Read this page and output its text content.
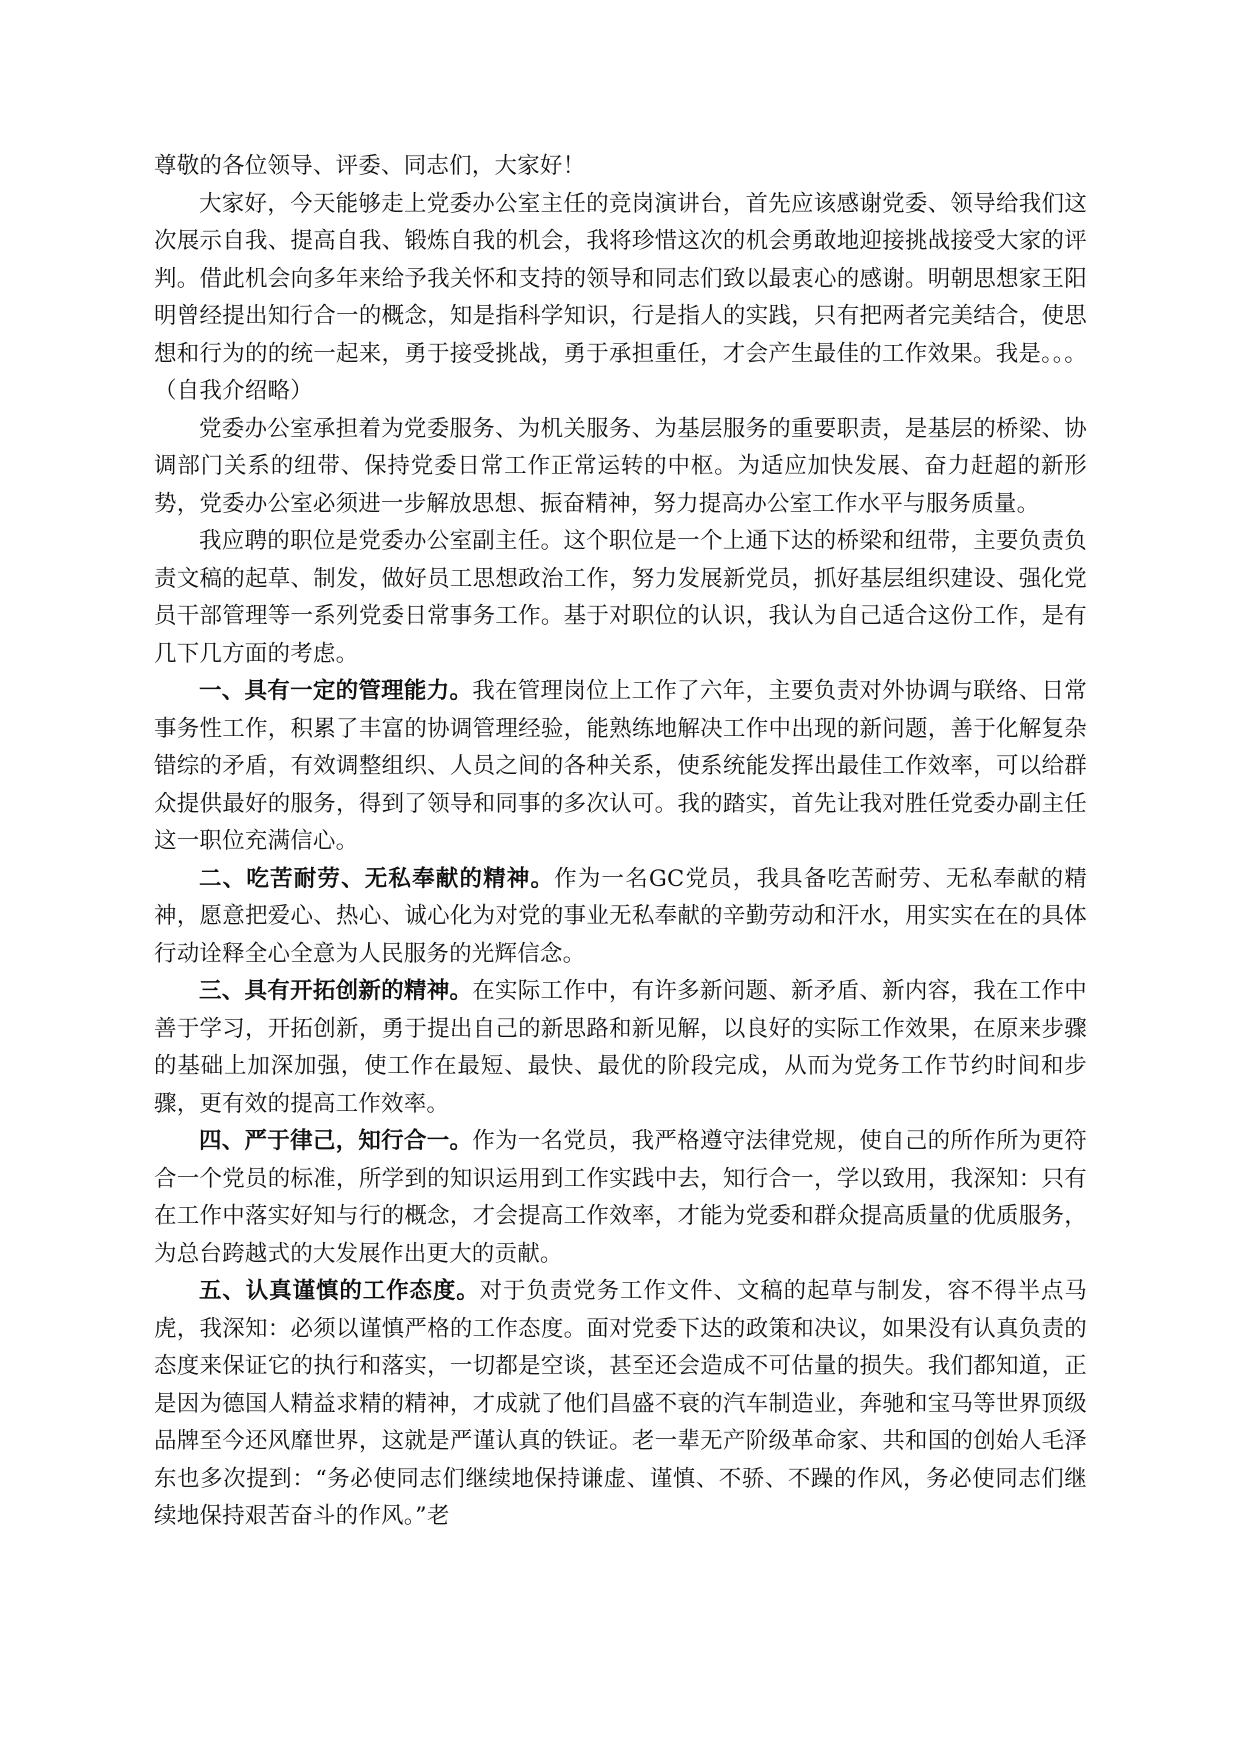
尊敬的各位领导、评委、同志们，大家好！

大家好，今天能够走上党委办公室主任的竞岗演讲台，首先应该感谢党委、领导给我们这次展示自我、提高自我、锻炼自我的机会，我将珍惜这次的机会勇敢地迎接挑战接受大家的评判。借此机会向多年来给予我关怀和支持的领导和同志们致以最衷心的感谢。明朝思想家王阳明曾经提出知行合一的概念，知是指科学知识，行是指人的实践，只有把两者完美结合，使思想和行为的的统一起来，勇于接受挑战，勇于承担重任，才会产生最佳的工作效果。我是。。。（自我介绍略）

党委办公室承担着为党委服务、为机关服务、为基层服务的重要职责，是基层的桥梁、协调部门关系的纽带、保持党委日常工作正常运转的中枢。为适应加快发展、奋力赶超的新形势，党委办公室必须进一步解放思想、振奋精神，努力提高办公室工作水平与服务质量。

我应聘的职位是党委办公室副主任。这个职位是一个上通下达的桥梁和纽带，主要负责负责文稿的起草、制发，做好员工思想政治工作，努力发展新党员，抓好基层组织建设、强化党员干部管理等一系列党委日常事务工作。基于对职位的认识，我认为自己适合这份工作，是有几下几方面的考虑。

一、具有一定的管理能力。我在管理岗位上工作了六年，主要负责对外协调与联络、日常事务性工作，积累了丰富的协调管理经验，能熟练地解决工作中出现的新问题，善于化解复杂错综的矛盾，有效调整组织、人员之间的各种关系，使系统能发挥出最佳工作效率，可以给群众提供最好的服务，得到了领导和同事的多次认可。我的踏实，首先让我对胜任党委办副主任这一职位充满信心。

二、吃苦耐劳、无私奉献的精神。作为一名GC党员，我具备吃苦耐劳、无私奉献的精神，愿意把爱心、热心、诚心化为对党的事业无私奉献的辛勤劳动和汗水，用实实在在的具体行动诠释全心全意为人民服务的光辉信念。

三、具有开拓创新的精神。在实际工作中，有许多新问题、新矛盾、新内容，我在工作中善于学习，开拓创新，勇于提出自己的新思路和新见解，以良好的实际工作效果，在原来步骤的基础上加深加强，使工作在最短、最快、最优的阶段完成，从而为党务工作节约时间和步骤，更有效的提高工作效率。

四、严于律己，知行合一。作为一名党员，我严格遵守法律党规，使自己的所作所为更符合一个党员的标准，所学到的知识运用到工作实践中去，知行合一，学以致用，我深知：只有在工作中落实好知与行的概念，才会提高工作效率，才能为党委和群众提高质量的优质服务，为总台跨越式的大发展作出更大的贡献。

五、认真谨慎的工作态度。对于负责党务工作文件、文稿的起草与制发，容不得半点马虎，我深知：必须以谨慎严格的工作态度。面对党委下达的政策和决议，如果没有认真负责的态度来保证它的执行和落实，一切都是空谈，甚至还会造成不可估量的损失。我们都知道，正是因为德国人精益求精的精神，才成就了他们昌盛不衰的汽车制造业，奔驰和宝马等世界顶级品牌至今还风靡世界，这就是严谨认真的铁证。老一辈无产阶级革命家、共和国的创始人毛泽东也多次提到：“务必使同志们继续地保持谦虚、谨慎、不骄、不躁的作风，务必使同志们继续地保持艰苦奋斗的作风。”老
